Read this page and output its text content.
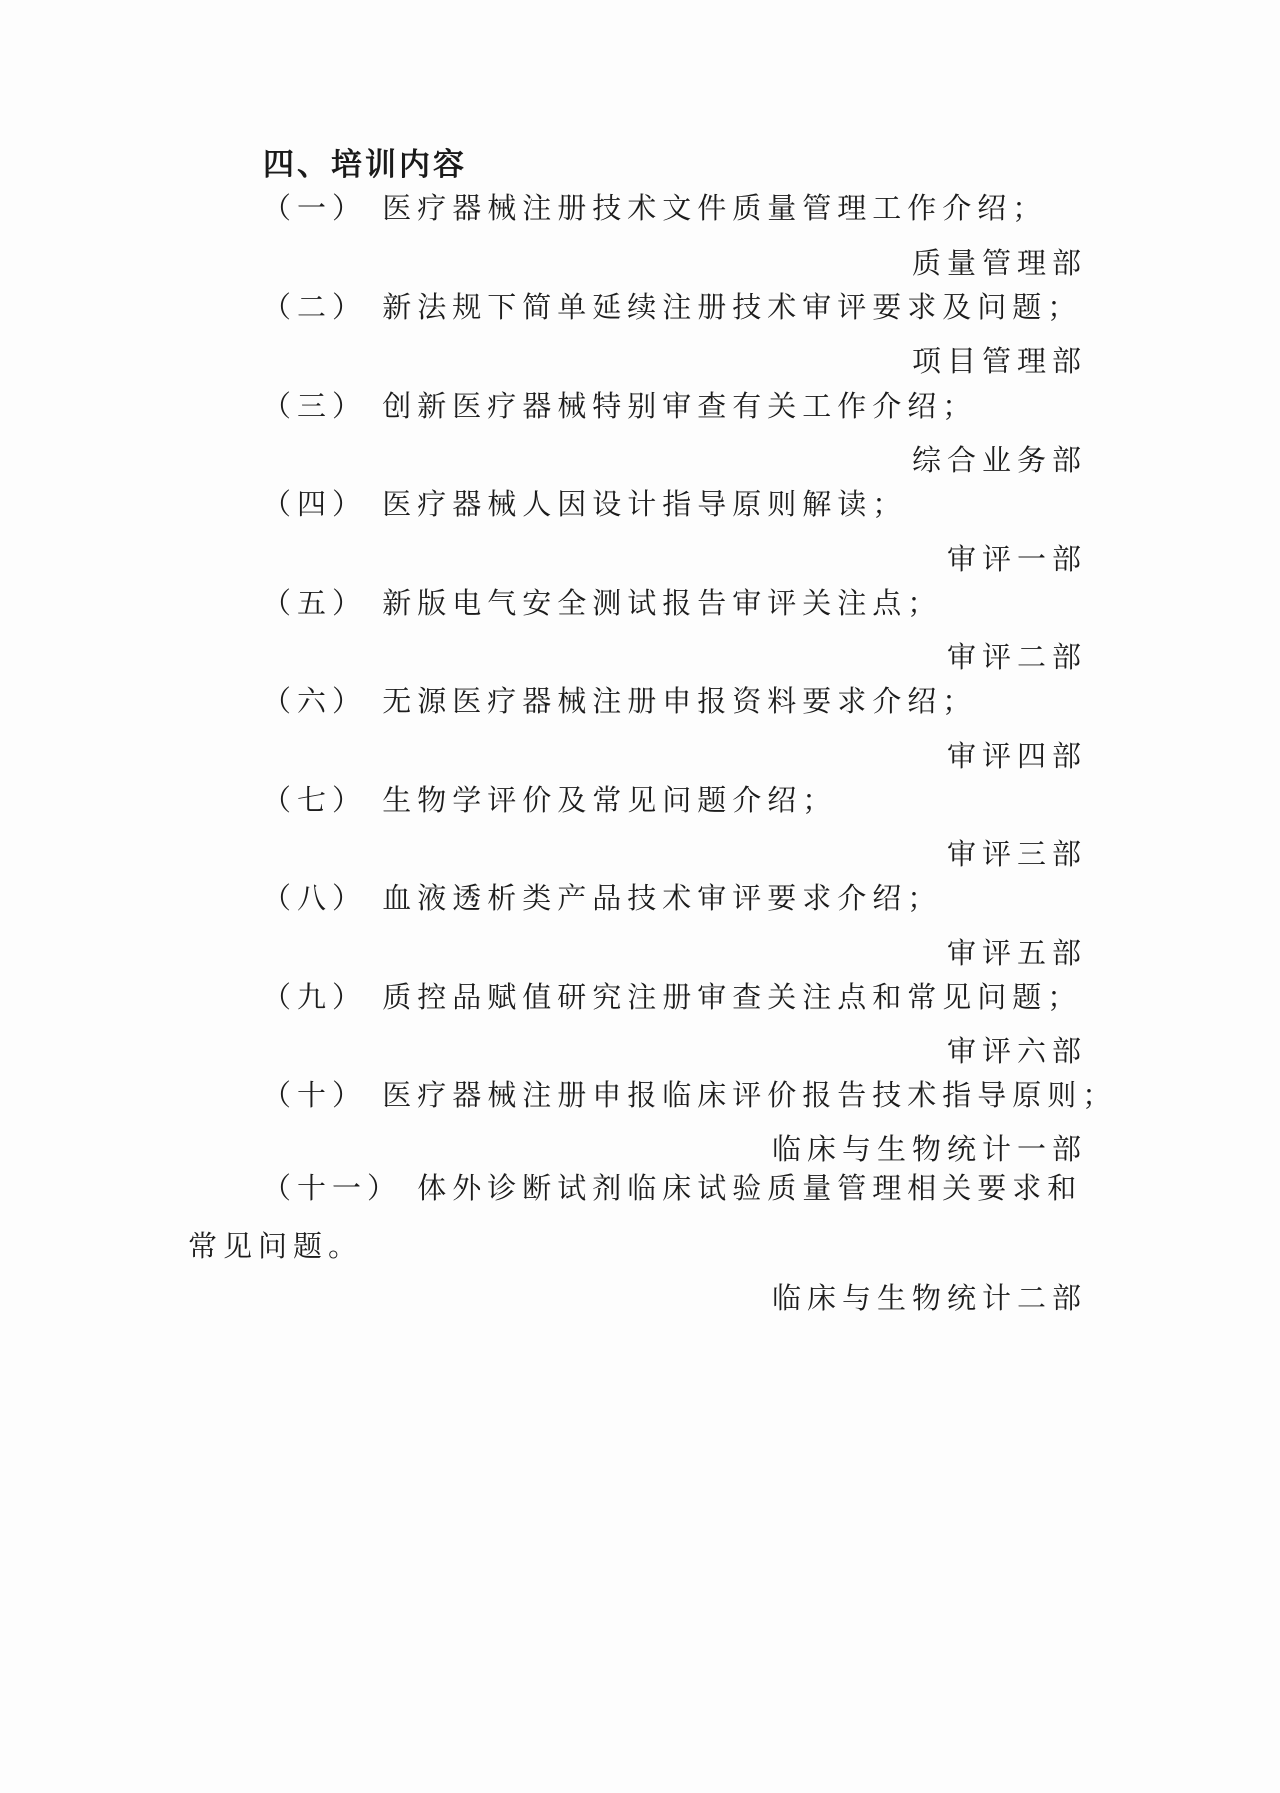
四、培训内容
（一） 医疗器械注册技术文件质量管理工作介绍；
质量管理部
（二） 新法规下简单延续注册技术审评要求及问题；
项目管理部
（三） 创新医疗器械特别审查有关工作介绍；
综合业务部
（四） 医疗器械人因设计指导原则解读；
审评一部
（五） 新版电气安全测试报告审评关注点；
审评二部
（六） 无源医疗器械注册申报资料要求介绍；
审评四部
（七） 生物学评价及常见问题介绍；
审评三部
（八） 血液透析类产品技术审评要求介绍；
审评五部
（九） 质控品赋值研究注册审查关注点和常见问题；
审评六部
（十） 医疗器械注册申报临床评价报告技术指导原则；
临床与生物统计一部
（十一） 体外诊断试剂临床试验质量管理相关要求和常见问题。
临床与生物统计二部
